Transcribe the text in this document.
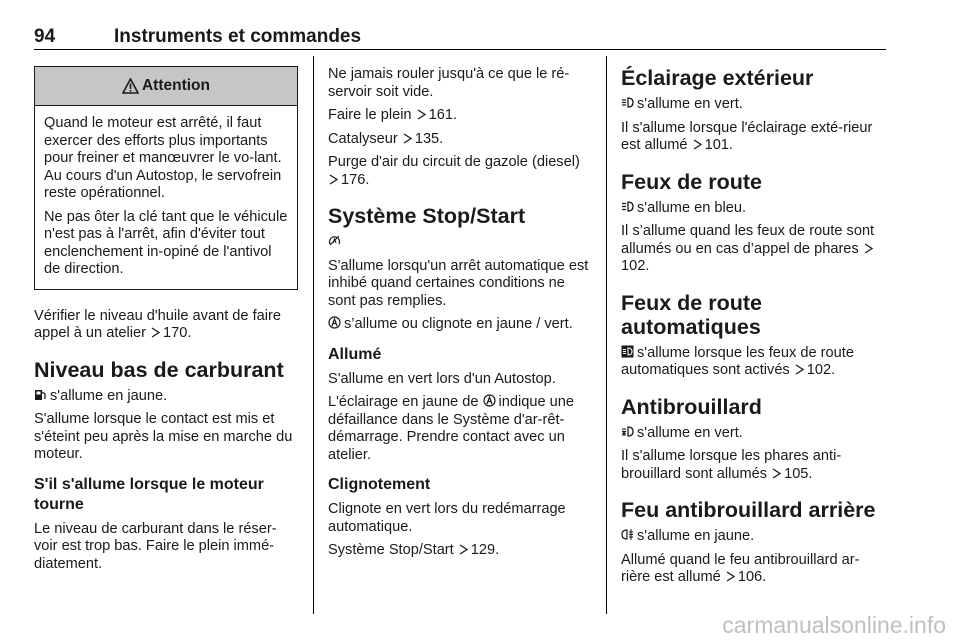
94	Instruments et commandes
Attention

Quand le moteur est arrêté, il faut exercer des efforts plus importants pour freiner et manœuvrer le vo-lant. Au cours d'un Autostop, le servofrein reste opérationnel.

Ne pas ôter la clé tant que le véhicule n'est pas à l'arrêt, afin d'éviter tout enclenchement in-opiné de l'antivol de direction.

Vérifier le niveau d'huile avant de faire appel à un atelier 170.

Niveau bas de carburant

s'allume en jaune.

S'allume lorsque le contact est mis et s'éteint peu après la mise en marche du moteur.

S'il s'allume lorsque le moteur tourne

Le niveau de carburant dans le réser-voir est trop bas. Faire le plein immé-diatement.

Ne jamais rouler jusqu'à ce que le ré-servoir soit vide.

Faire le plein 161.

Catalyseur 135.

Purge d'air du circuit de gazole (diesel) 176.

Système Stop/Start

S'allume lorsqu'un arrêt automatique est inhibé quand certaines conditions ne sont pas remplies.

s’allume ou clignote en jaune / vert.

Allumé

S'allume en vert lors d'un Autostop.

L'éclairage en jaune de indique une défaillance dans le Système d'ar-rêt-démarrage. Prendre contact avec un atelier.

Clignotement

Clignote en vert lors du redémarrage automatique.

Système Stop/Start 129.

Éclairage extérieur

s'allume en vert.

Il s'allume lorsque l'éclairage exté-rieur est allumé 101.

Feux de route

s'allume en bleu.

Il s’allume quand les feux de route sont allumés ou en cas d’appel de phares 102.

Feux de route automatiques

s'allume lorsque les feux de route automatiques sont activés 102.

Antibrouillard

s'allume en vert.

Il s'allume lorsque les phares anti-brouillard sont allumés 105.

Feu antibrouillard arrière

s'allume en jaune.

Allumé quand le feu antibrouillard ar-rière est allumé 106.

carmanualsonline.info
